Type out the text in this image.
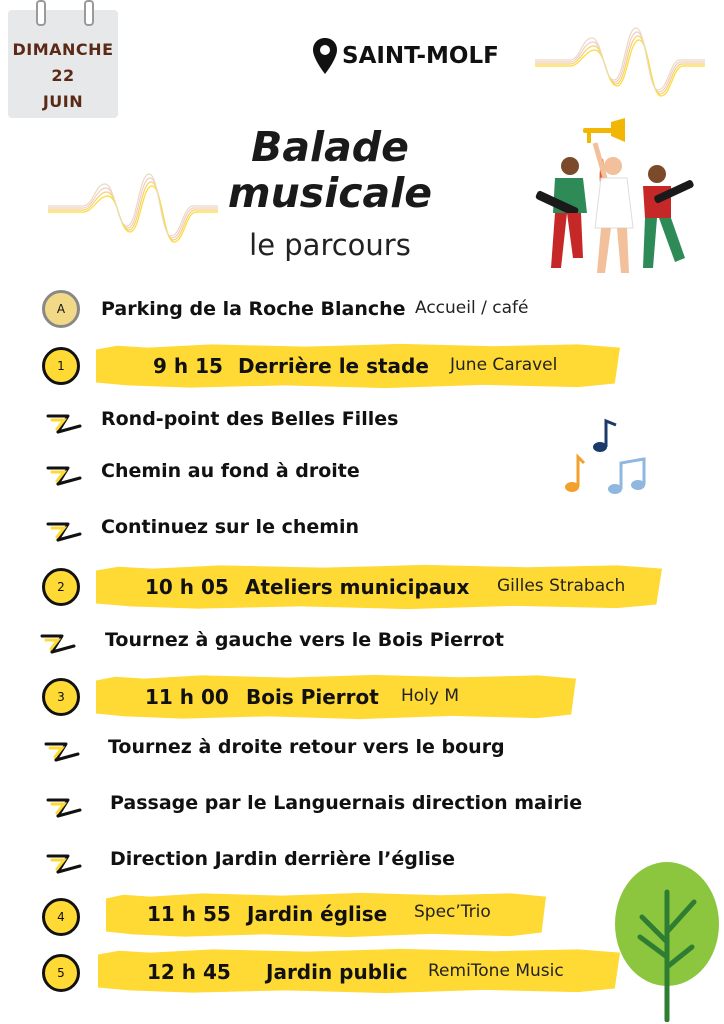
DIMANCHE
22
JUIN
SAINT-MOLF
Balade
musicale
le parcours
A	Parking de la Roche Blanche Accueil / café
1	9 h 15 Derrière le stade June Caravel
Rond-point des Belles Filles
Chemin au fond à droite
Continuez sur le chemin
2	10 h 05 Ateliers municipaux Gilles Strabach
Tournez à gauche vers le Bois Pierrot
3	11 h 00 Bois Pierrot Holy M
Tournez à droite retour vers le bourg
Passage par le Languernais direction mairie
Direction Jardin derrière l’église
4	11 h 55 Jardin église Spec’Trio
5	12 h 45 Jardin public RemiTone Music
